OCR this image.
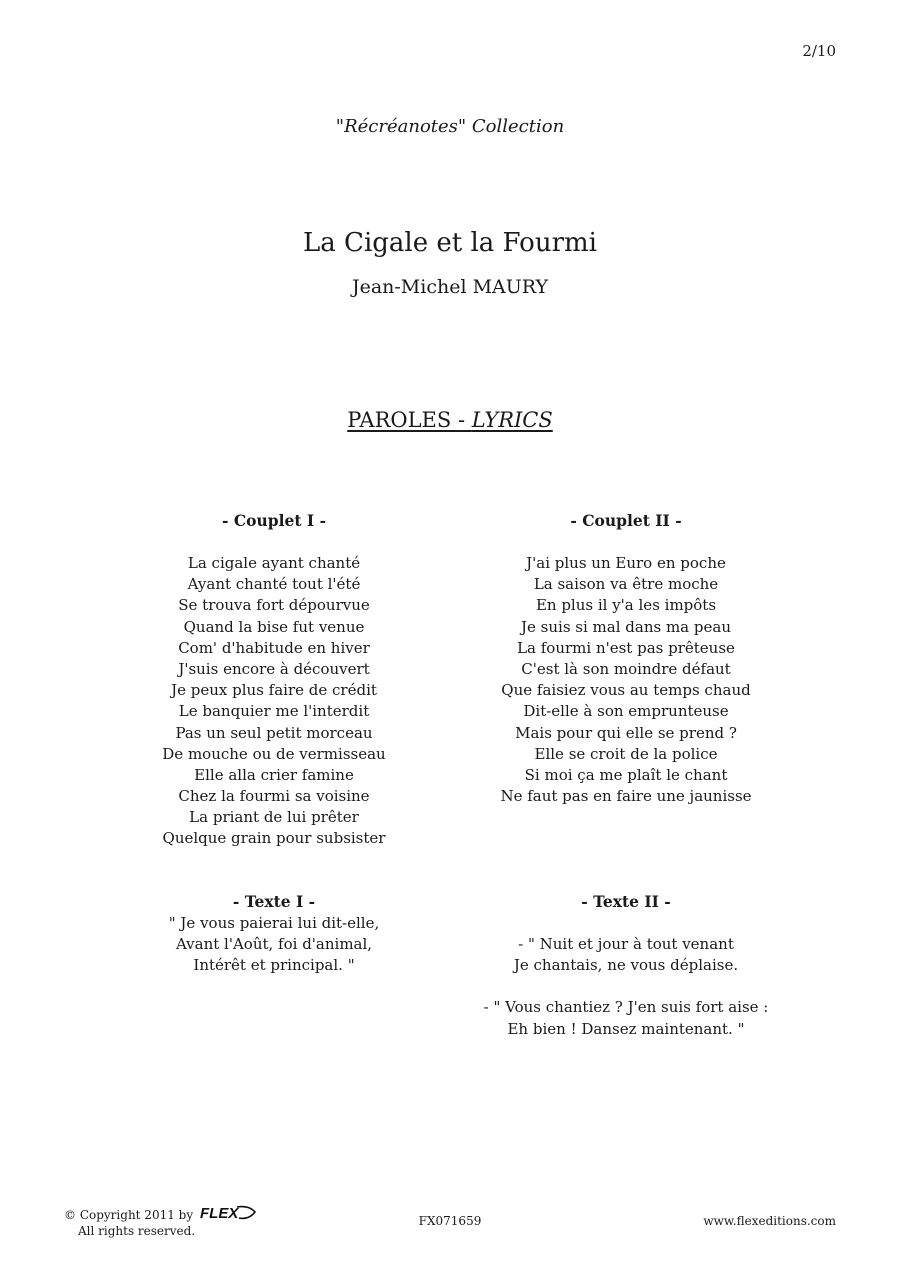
2/10
"Récréanotes" Collection
La Cigale et la Fourmi
Jean-Michel MAURY
PAROLES - LYRICS
- Couplet I -
La cigale ayant chanté
Ayant chanté tout l'été
Se trouva fort dépourvue
Quand la bise fut venue
Com' d'habitude en hiver
J'suis encore à découvert
Je peux plus faire de crédit
Le banquier me l'interdit
Pas un seul petit morceau
De mouche ou de vermisseau
Elle alla crier famine
Chez la fourmi sa voisine
La priant de lui prêter
Quelque grain pour subsister
- Couplet II -
J'ai plus un Euro en poche
La saison va être moche
En plus il y'a les impôts
Je suis si mal dans ma peau
La fourmi n'est pas prêteuse
C'est là son moindre défaut
Que faisiez vous au temps chaud
Dit-elle à son emprunteuse
Mais pour qui elle se prend ?
Elle se croit de la police
Si moi ça me plaît le chant
Ne faut pas en faire une jaunisse
- Texte I -
" Je vous paierai lui dit-elle,
Avant l'Août, foi d'animal,
Intérêt et principal. "
- Texte II -
- " Nuit et jour à tout venant
Je chantais, ne vous déplaise.
- " Vous chantiez ? J'en suis fort aise :
Eh bien ! Dansez maintenant. "
© Copyright 2011 by FLEX
All rights reserved.
FX071659	www.flexeditions.com
